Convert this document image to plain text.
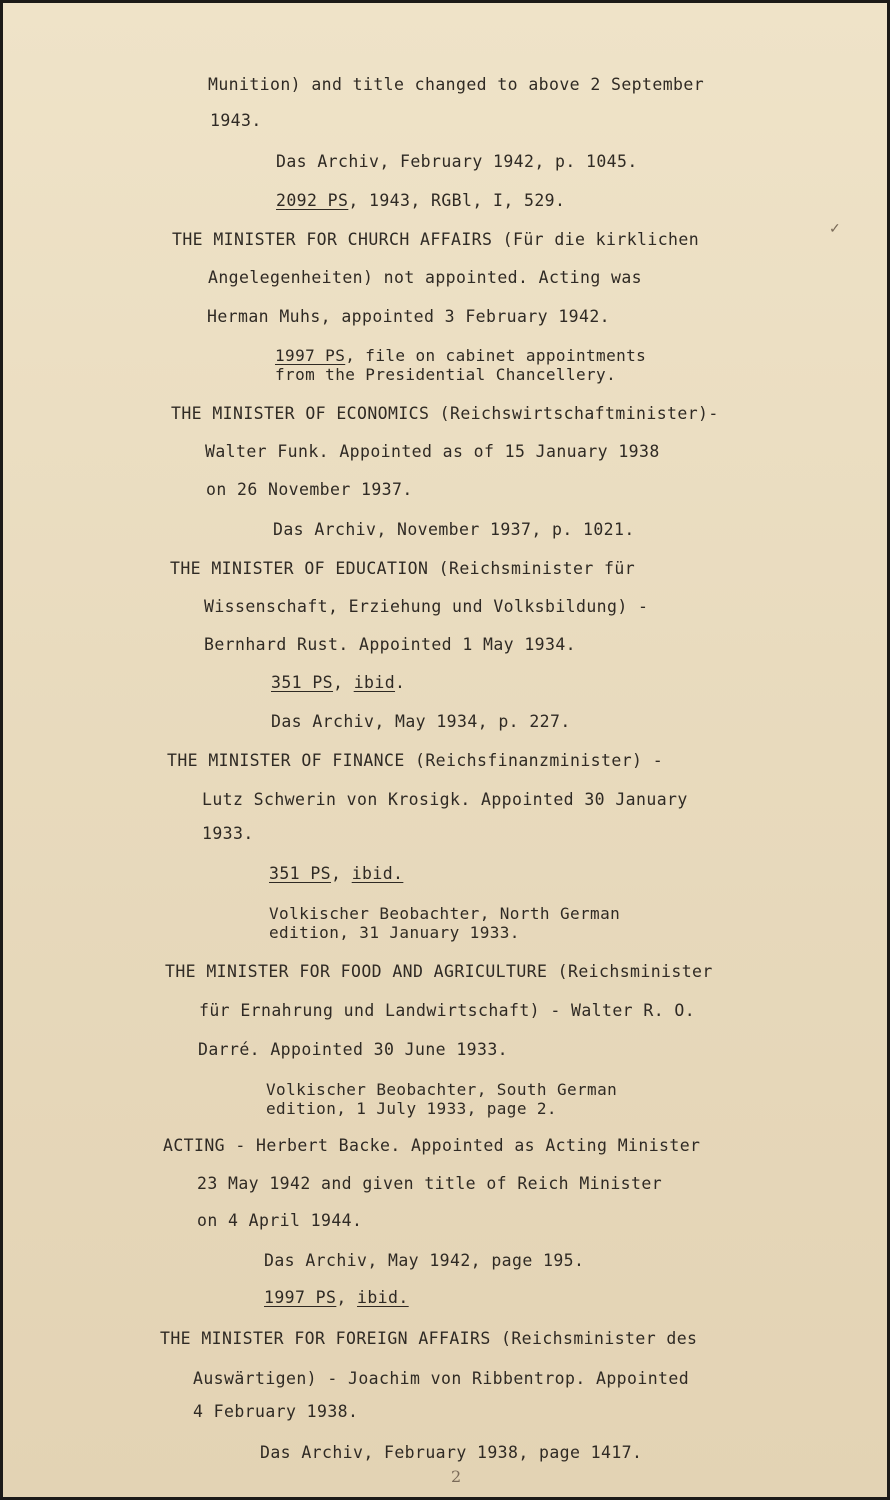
Munition) and title changed to above 2 September
1943.
Das Archiv, February 1942, p. 1045.
2092 PS, 1943, RGBl, I, 529.
THE MINISTER FOR CHURCH AFFAIRS (Für die kirklichen
Angelegenheiten) not appointed. Acting was
Herman Muhs, appointed 3 February 1942.
1997 PS, file on cabinet appointments
from the Presidential Chancellery.
THE MINISTER OF ECONOMICS (Reichswirtschaftminister)-
Walter Funk. Appointed as of 15 January 1938
on 26 November 1937.
Das Archiv, November 1937, p. 1021.
THE MINISTER OF EDUCATION (Reichsminister für
Wissenschaft, Erziehung und Volksbildung) -
Bernhard Rust. Appointed 1 May 1934.
351 PS, ibid.
Das Archiv, May 1934, p. 227.
THE MINISTER OF FINANCE (Reichsfinanzminister) -
Lutz Schwerin von Krosigk. Appointed 30 January
1933.
351 PS, ibid.
Volkischer Beobachter, North German
edition, 31 January 1933.
THE MINISTER FOR FOOD AND AGRICULTURE (Reichsminister
für Ernahrung und Landwirtschaft) - Walter R. O.
Darré. Appointed 30 June 1933.
Volkischer Beobachter, South German
edition, 1 July 1933, page 2.
ACTING - Herbert Backe. Appointed as Acting Minister
23 May 1942 and given title of Reich Minister
on 4 April 1944.
Das Archiv, May 1942, page 195.
1997 PS, ibid.
THE MINISTER FOR FOREIGN AFFAIRS (Reichsminister des
Auswärtigen) - Joachim von Ribbentrop. Appointed
4 February 1938.
Das Archiv, February 1938, page 1417.
2
✓
